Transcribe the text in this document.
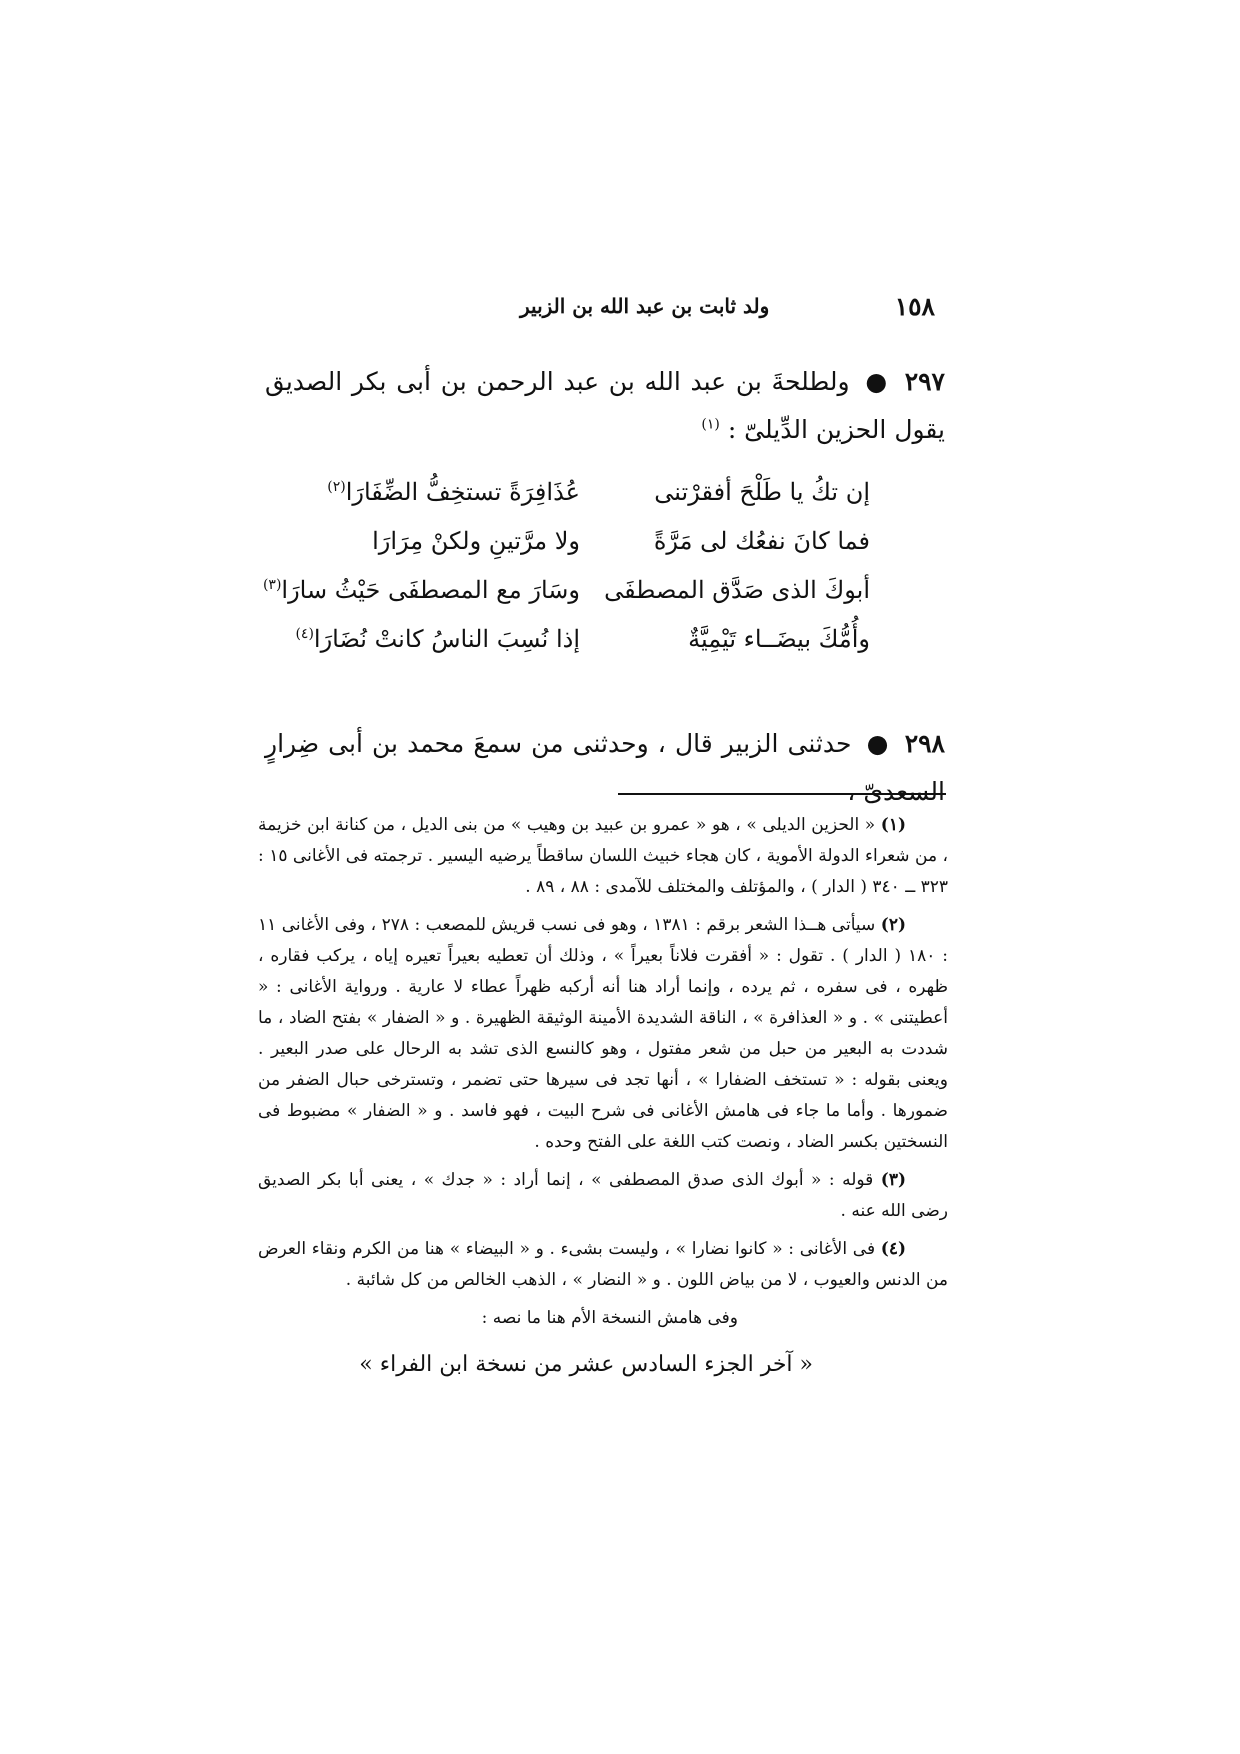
١٥٨
ولد ثابت بن عبد الله بن الزبير
٢٩٧ ● ولطلحةَ بن عبد الله بن عبد الرحمن بن أبى بكر الصديق يقول الحزين الدِّيلىّ : $^{(١)}$
إن تكُ يا طَلْحَ أفقرْتنى
عُذَافِرَةً تستخِفُّ الضِّفَارَا$^{(٢)}$
فما كانَ نفعُك لى مَرَّةً
ولا مرَّتينِ ولكنْ مِرَارَا
أبوكَ الذى صَدَّق المصطفَى
وسَارَ مع المصطفَى حَيْثُ سارَا$^{(٣)}$
وأُمُّكَ بيضَــاء تَيْمِيَّةٌ
إذا نُسِبَ الناسُ كانتْ نُضَارَا$^{(٤)}$
٢٩٨ ● حدثنى الزبير قال ، وحدثنى من سمعَ محمد بن أبى ضِرارٍ السعدىّ ،

(١) « الحزين الديلى » ، هو « عمرو بن عبيد بن وهيب » من بنى الديل ، من كنانة ابن خزيمة ، من شعراء الدولة الأموية ، كان هجاء خبيث اللسان ساقطاً يرضيه اليسير . ترجمته فى الأغانى ١٥ : ٣٢٣ ــ ٣٤٠ ( الدار ) ، والمؤتلف والمختلف للآمدى : ٨٨ ، ٨٩ .

(٢) سيأتى هــذا الشعر برقم : ١٣٨١ ، وهو فى نسب قريش للمصعب : ٢٧٨ ، وفى الأغانى ١١ : ١٨٠ ( الدار ) . تقول : « أفقرت فلاناً بعيراً » ، وذلك أن تعطيه بعيراً تعيره إياه ، يركب فقاره ، ظهره ، فى سفره ، ثم يرده ، وإنما أراد هنا أنه أركبه ظهراً عطاء لا عارية . ورواية الأغانى : « أعطيتنى » . و « العذافرة » ، الناقة الشديدة الأمينة الوثيقة الظهيرة . و « الضفار » بفتح الضاد ، ما شددت به البعير من حبل من شعر مفتول ، وهو كالنسع الذى تشد به الرحال على صدر البعير . ويعنى بقوله : « تستخف الضفارا » ، أنها تجد فى سيرها حتى تضمر ، وتسترخى حبال الضفر من ضمورها . وأما ما جاء فى هامش الأغانى فى شرح البيت ، فهو فاسد . و « الضفار » مضبوط فى النسختين بكسر الضاد ، ونصت كتب اللغة على الفتح وحده .

(٣) قوله : « أبوك الذى صدق المصطفى » ، إنما أراد : « جدك » ، يعنى أبا بكر الصديق رضى الله عنه .

(٤) فى الأغانى : « كانوا نضارا » ، وليست بشىء . و « البيضاء » هنا من الكرم ونقاء العرض من الدنس والعيوب ، لا من بياض اللون . و « النضار » ، الذهب الخالص من كل شائبة .

وفى هامش النسخة الأم هنا ما نصه :
« آخر الجزء السادس عشر من نسخة ابن الفراء »
